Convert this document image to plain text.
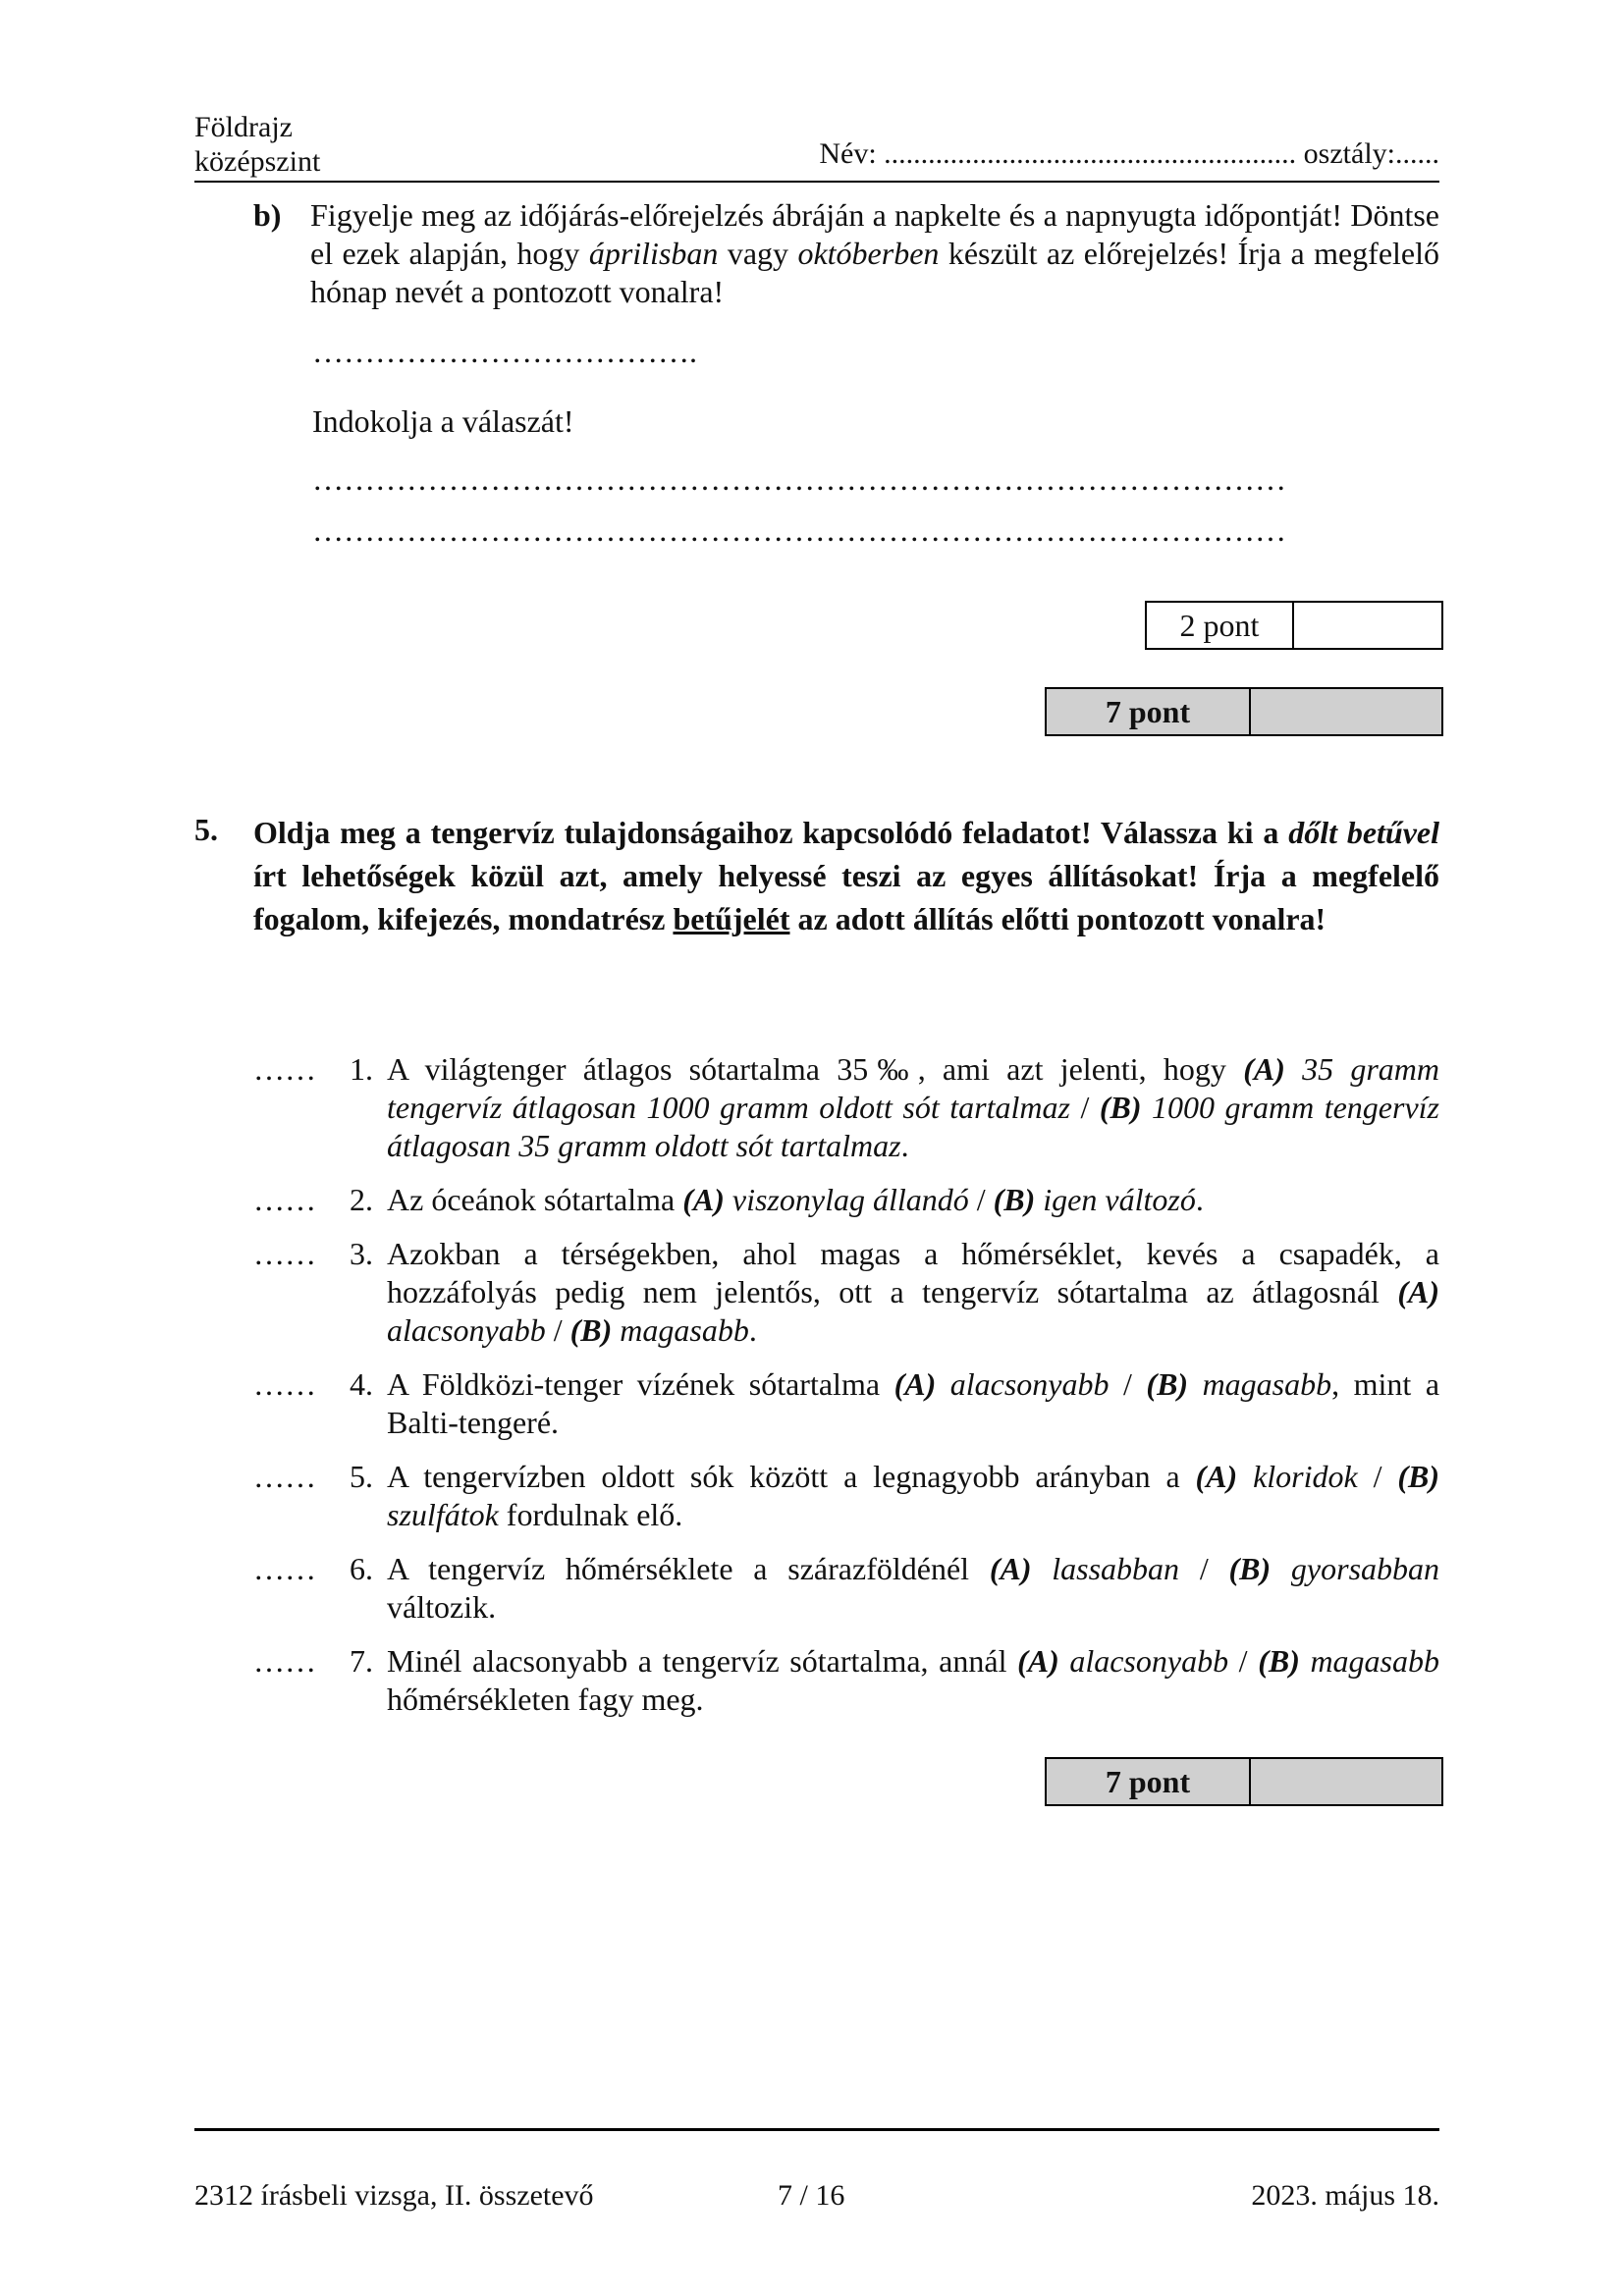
Földrajz
középszint	Név: ........................................................ osztály:......
b) Figyelje meg az időjárás-előrejelzés ábráján a napkelte és a napnyugta időpontját! Döntse el ezek alapján, hogy áprilisban vagy októberben készült az előrejelzés! Írja a megfelelő hónap nevét a pontozott vonalra!
……………………………….
Indokolja a válaszát!
…………………………………………………………………………………
…………………………………………………………………………………
2 pont
7 pont
5. Oldja meg a tengervíz tulajdonságaihoz kapcsolódó feladatot! Válassza ki a dőlt betűvel írt lehetőségek közül azt, amely helyessé teszi az egyes állításokat! Írja a megfelelő fogalom, kifejezés, mondatrész betűjelét az adott állítás előtti pontozott vonalra!
……	1. A világtenger átlagos sótartalma 35‰, ami azt jelenti, hogy (A) 35 gramm tengervíz átlagosan 1000 gramm oldott sót tartalmaz / (B) 1000 gramm tengervíz átlagosan 35 gramm oldott sót tartalmaz.
……	2. Az óceánok sótartalma (A) viszonylag állandó / (B) igen változó.
……	3. Azokban a térségekben, ahol magas a hőmérséklet, kevés a csapadék, a hozzáfolyás pedig nem jelentős, ott a tengervíz sótartalma az átlagosnál (A) alacsonyabb / (B) magasabb.
……	4. A Földközi-tenger vízének sótartalma (A) alacsonyabb / (B) magasabb, mint a Balti-tengeré.
……	5. A tengervízben oldott sók között a legnagyobb arányban a (A) kloridok / (B) szulfátok fordulnak elő.
……	6. A tengervíz hőmérséklete a szárazföldénél (A) lassabban / (B) gyorsabban változik.
……	7. Minél alacsonyabb a tengervíz sótartalma, annál (A) alacsonyabb / (B) magasabb hőmérsékleten fagy meg.
7 pont
2312 írásbeli vizsga, II. összetevő	7 / 16	2023. május 18.
